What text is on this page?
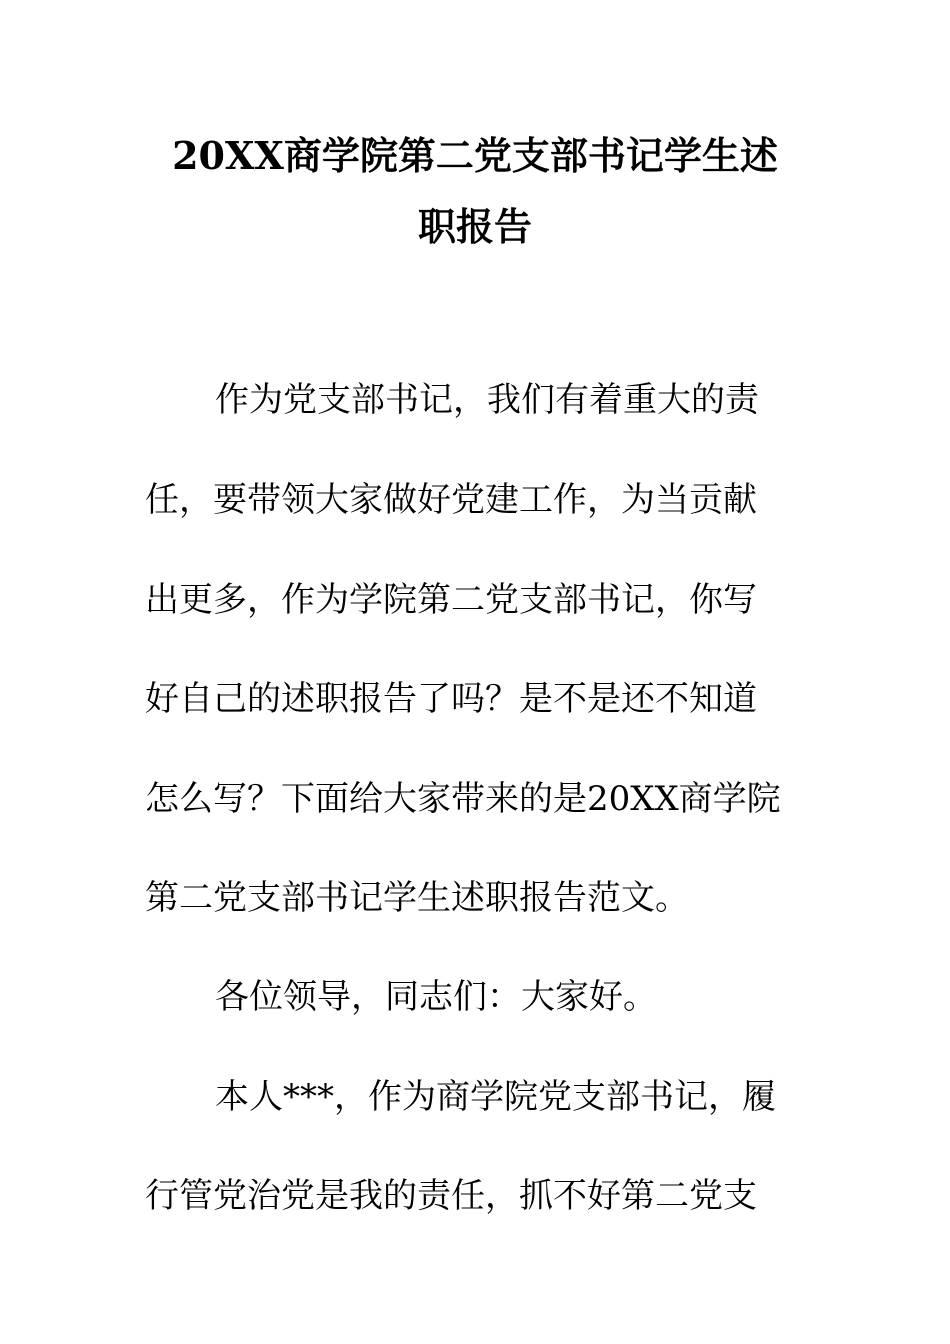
20XX商学院第二党支部书记学生述
职报告
作为党支部书记，我们有着重大的责
任，要带领大家做好党建工作，为当贡献
出更多，作为学院第二党支部书记，你写
好自己的述职报告了吗？是不是还不知道
怎么写？下面给大家带来的是20XX商学院
第二党支部书记学生述职报告范文。
各位领导，同志们：大家好。
本人***，作为商学院党支部书记，履
行管党治党是我的责任，抓不好第二党支
